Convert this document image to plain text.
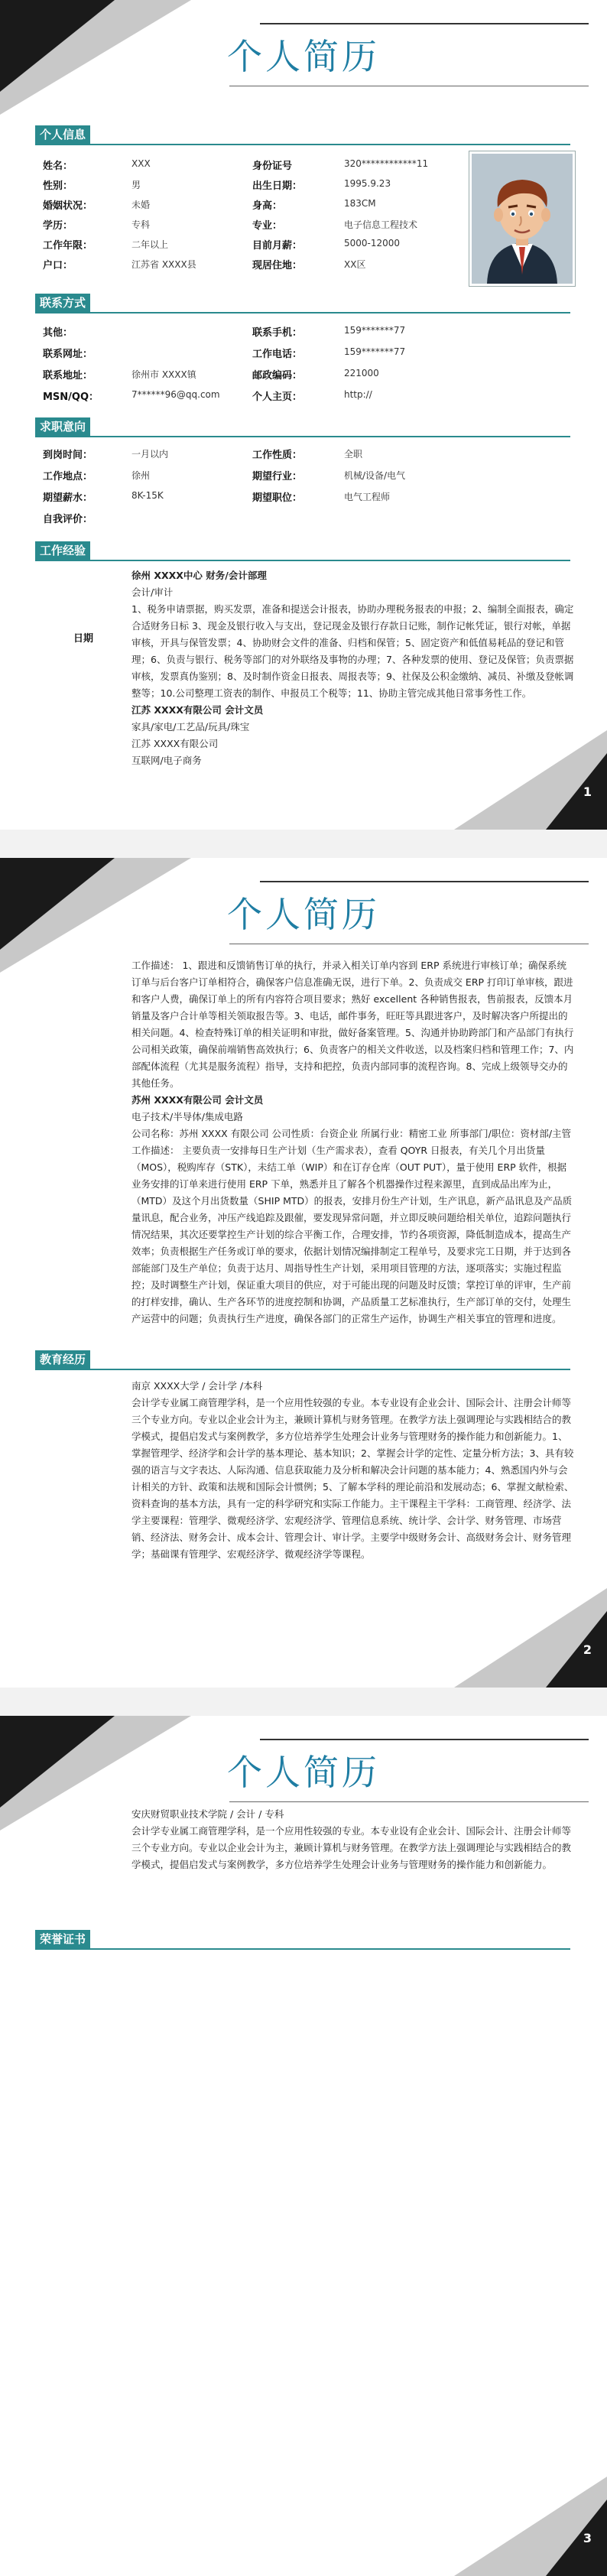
个人简历
个人信息
姓名：	XXX
性别：	男
婚姻状况：	未婚
学历：	专科
工作年限：	二年以上
户口：	江苏省 XXXX县
身份证号	320************11
出生日期：	1995.9.23
身高：	183CM
专业：	电子信息工程技术
目前月薪：	5000-12000
现居住地：	XX区
联系方式
其他：
联系网址：
联系地址：	徐州市 XXXX镇
MSN/QQ：	7******96@qq.com
联系手机：	159*******77
工作电话：	159*******77
邮政编码：	221000
个人主页：	http://
求职意向
到岗时间：	一月以内
工作地点：	徐州
期望薪水：	8K-15K
自我评价：
工作性质：	全职
期望行业：	机械/设备/电气
期望职位：	电气工程师
工作经验
日期

徐州 XXXX中心 财务/会计部理

会计/审计

1、税务申请票据，购买发票，准备和提送会计报表，协助办理税务报表的申报；2、编制全面报表，确定合适财务日标 3、现金及银行收入与支出，登记现金及银行存款日记账，制作记帐凭证，银行对帐，单据 审核，开具与保管发票；4、协助财会文件的准备、归档和保管；5、固定资产和低值易耗品的登记和管理；6、负责与银行、税务等部门的对外联络及事物的办理；7、各种发票的使用、登记及保管；负责票据审核，发票真伪鉴别；8、及时制作资金日报表、周报表等；9、社保及公积金缴纳、减员、补缴及登帐调整等；10.公司整理工资表的制作、申报员工个税等；11、协助主管完成其他日常事务性工作。

江苏 XXXX有限公司 会计文员

家具/家电/工艺品/玩具/珠宝

江苏 XXXX有限公司

互联网/电子商务

1
个人简历

工作描述： 1、跟进和反馈销售订单的执行，并录入相关订单内容到 ERP 系统进行审核订单；确保系统订单与后台客户订单相符合，确保客户信息准确无误，进行下单。2、负责成交 ERP 打印订单审核，跟进和客户人费，确保订单上的所有内容符合项目要求；熟好 excellent 各种销售报表，售前报表，反馈本月销量及客户合计单等相关领取报告等。3、电话，邮件事务，旺旺等具跟进客户，及时解决客户所提出的相关问题。4、检查特殊订单的相关证明和审批，做好备案管理。5、沟通并协助跨部门和产品部门有执行公司相关政策，确保前端销售高效执行；6、负责客户的相关文件收送，以及档案归档和管理工作；7、内部配体流程（尤其是服务流程）指导，支持和把控，负责内部同事的流程咨询。8、完成上级领导交办的其他任务。

苏州 XXXX有限公司 会计文员

电子技术/半导体/集成电路

公司名称：苏州 XXXX 有限公司 公司性质：台资企业 所属行业：精密工业 所事部门/职位：资材部/主管 工作描述： 主要负责一安排每日生产计划（生产需求表），查看 QOYR 日报表，有关几个月出货量（MOS），税购库存（STK），未结工单（WIP）和在订存仓库（OUT PUT），量于使用 ERP 软件，根据业务安排的订单来进行使用 ERP 下单，熟悉并且了解各个机器操作过程来源里，直到成品出库为止，（MTD）及这个月出货数量（SHIP MTD）的报表，安排月份生产计划，生产讯息，新产品讯息及产品质量讯息，配合业务，冲压产线追踪及跟催，要发现异常问题，并立即反映问题给相关单位，追踪问题执行情况结果，其次还要掌控生产计划的综合平衡工作，合理安排，节约各项资源，降低制造成本，提高生产效率；负责根据生产任务或订单的要求，依据计划情况编排制定工程单号，及要求完工日期，并于达到各部能部门及生产单位；负责于达月、周指导性生产计划，采用项目管理的方法，逐项落实；实施过程监控；及时调整生产计划，保证重大项目的供应，对于可能出现的问题及时反馈；掌控订单的评审，生产前的打样安排，确认、生产各环节的进度控制和协调，产品质量工艺标准执行，生产部订单的交付，处理生产运营中的问题；负责执行生产进度，确保各部门的正常生产运作，协调生产相关事宜的管理和进度。

教育经历

南京 XXXX大学 / 会计学 /本科

会计学专业属工商管理学科，是一个应用性较强的专业。本专业设有企业会计、国际会计、注册会计师等三个专业方向。专业以企业会计为主，兼顾计算机与财务管理。在教学方法上强调理论与实践相结合的教学模式，提倡启发式与案例教学，多方位培养学生处理会计业务与管理财务的操作能力和创新能力。1、掌握管理学、经济学和会计学的基本理论、基本知识；2、掌握会计学的定性、定量分析方法；3、具有较强的语言与文字表达、人际沟通、信息获取能力及分析和解决会计问题的基本能力；4、熟悉国内外与会计相关的方针、政策和法规和国际会计惯例；5、了解本学科的理论前沿和发展动态；6、掌握文献检索、资料查询的基本方法，具有一定的科学研究和实际工作能力。主干课程主干学科：工商管理、经济学、法学主要课程：管理学、微观经济学、宏观经济学、管理信息系统、统计学、会计学、财务管理、市场营销、经济法、财务会计、成本会计、管理会计、审计学。主要学中级财务会计、高级财务会计、财务管理学；基础课有管理学、宏观经济学、微观经济学等课程。

2
个人简历

安庆财贸职业技术学院 / 会计 / 专科

会计学专业属工商管理学科，是一个应用性较强的专业。本专业设有企业会计、国际会计、注册会计师等三个专业方向。专业以企业会计为主，兼顾计算机与财务管理。在教学方法上强调理论与实践相结合的教学模式，提倡启发式与案例教学，多方位培养学生处理会计业务与管理财务的操作能力和创新能力。

荣誉证书
3
